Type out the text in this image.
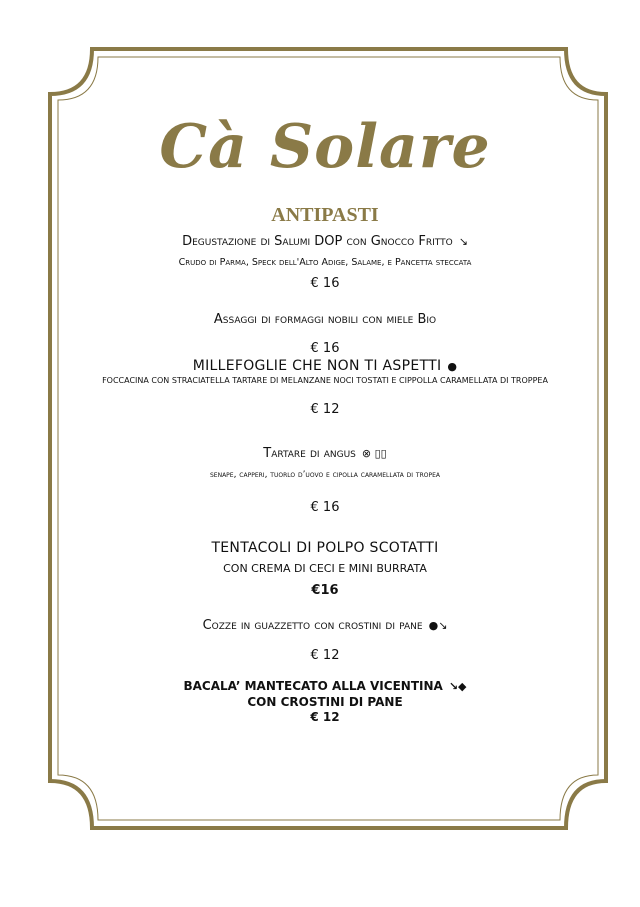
Cà Solare
ANTIPASTI
Degustazione di Salumi DOP con Gnocco Fritto ↘
Crudo di Parma, Speck dell'Alto Adige, Salame, e Pancetta steccata
€ 16
Assaggi di formaggi nobili con miele Bio
€ 16
MILLEFOGLIE CHE NON TI ASPETTI ●
FOCCACINA CON STRACIATELLA TARTARE DI MELANZANE NOCI TOSTATI E CIPPOLLA CARAMELLATA DI TROPPEA
€ 12
Tartare di angus ⊗ ▯▯
senape, capperi, tuorlo d’uovo e cipolla caramellata di tropea
€ 16
TENTACOLI DI POLPO SCOTATTI
CON CREMA DI CECI E MINI BURRATA
€16
Cozze in guazzetto con crostini di pane ●↘
€ 12
BACALA’ MANTECATO ALLA VICENTINA ↘◆
CON CROSTINI DI PANE
€ 12
